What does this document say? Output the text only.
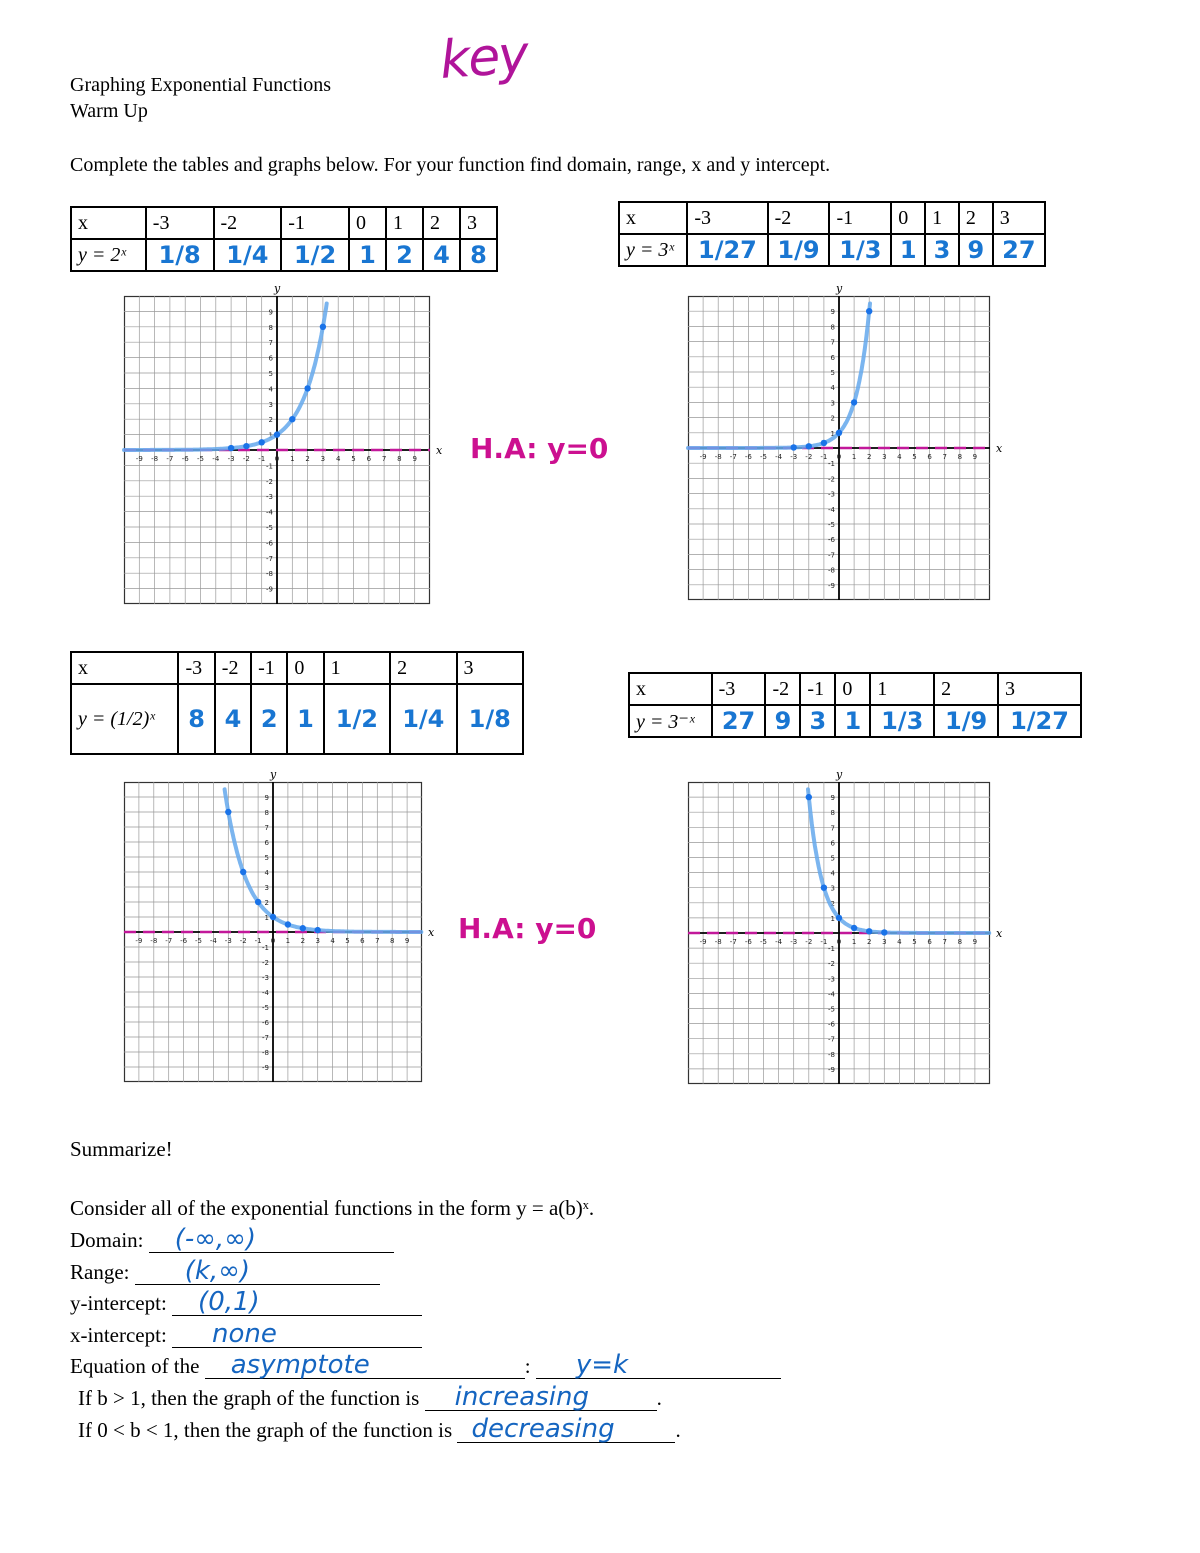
Graphing Exponential Functions
Warm Up
key
Complete the tables and graphs below. For your function find domain, range, x and y intercept.
x	-3	-2	-1	0	1	2	3
y = 2ˣ	1/8	1/4	1/2	1	2	4	8
x	-3	-2	-1	0	1	2	3
y = 3ˣ	1/27	1/9	1/3	1	3	9	27
x	-3	-2	-1	0	1	2	3
y = (1/2)ˣ	8	4	2	1	1/2	1/4	1/8
x	-3	-2	-1	0	1	2	3
y = 3⁻ˣ	27	9	3	1	1/3	1/9	1/27
-9 -8 -7 -6 -5 -4 -3 -2 -1 0 1 2 3 4 5 6 7 8 9
9
8
7
6
5
4
3
2
1
-1
-2
-3
-4
-5
-6
-7
-8
-9
x
y
-9 -8 -7 -6 -5 -4 -3 -2 -1 0 1 2 3 4 5 6 7 8 9
9
8
7
6
5
4
3
2
1
-1
-2
-3
-4
-5
-6
-7
-8
-9
x
y
-9 -8 -7 -6 -5 -4 -3 -2 -1 0 1 2 3 4 5 6 7 8 9
9
8
7
6
5
4
3
2
1
-1
-2
-3
-4
-5
-6
-7
-8
-9
x
y
-9 -8 -7 -6 -5 -4 -3 -2 -1 0 1 2 3 4 5 6 7 8 9
9
8
7
6
5
4
3
2
1
-1
-2
-3
-4
-5
-6
-7
-8
-9
x
y
H.A: y=0
H.A: y=0
Summarize!
Consider all of the exponential functions in the form y = a(b)ˣ.
Domain: (-∞,∞)
Range: (k,∞)
y-intercept: (0,1)
x-intercept: none
Equation of the asymptote	: y=k
If b > 1, then the graph of the function is increasing	.
If 0 < b < 1, then the graph of the function is decreasing	.
